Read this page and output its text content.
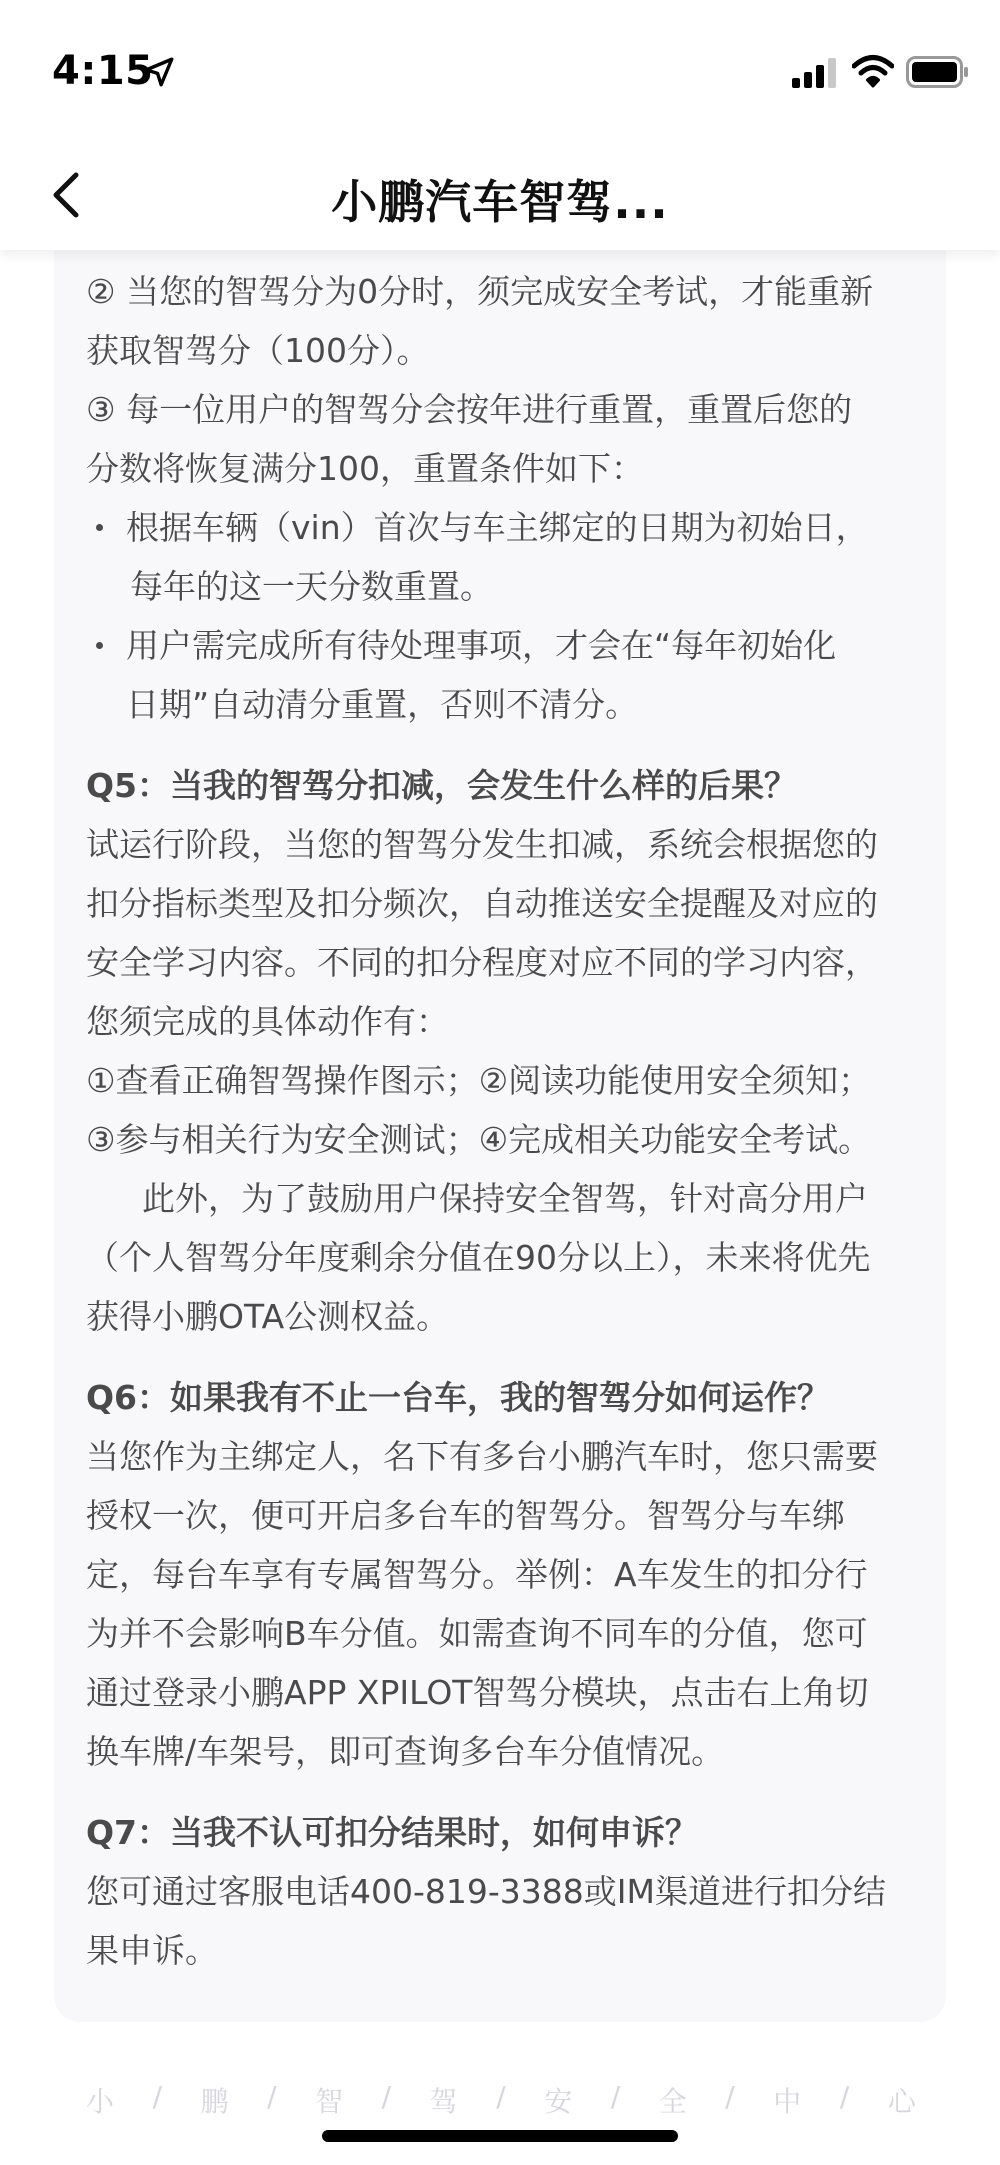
4:15
小鹏汽车智驾...
② 当您的智驾分为0分时，须完成安全考试，才能重新
获取智驾分（100分）。
③ 每一位用户的智驾分会按年进行重置，重置后您的
分数将恢复满分100，重置条件如下：
根据车辆（vin）首次与车主绑定的日期为初始日，
每年的这一天分数重置。
用户需完成所有待处理事项，才会在“每年初始化
日期”自动清分重置，否则不清分。
Q5：当我的智驾分扣减，会发生什么样的后果？
试运行阶段，当您的智驾分发生扣减，系统会根据您的
扣分指标类型及扣分频次，自动推送安全提醒及对应的
安全学习内容。不同的扣分程度对应不同的学习内容，
您须完成的具体动作有：
①查看正确智驾操作图示；②阅读功能使用安全须知；
③参与相关行为安全测试；④完成相关功能安全考试。
此外，为了鼓励用户保持安全智驾，针对高分用户
（个人智驾分年度剩余分值在90分以上），未来将优先
获得小鹏OTA公测权益。
Q6：如果我有不止一台车，我的智驾分如何运作？
当您作为主绑定人，名下有多台小鹏汽车时，您只需要
授权一次，便可开启多台车的智驾分。智驾分与车绑
定，每台车享有专属智驾分。举例：A车发生的扣分行
为并不会影响B车分值。如需查询不同车的分值，您可
通过登录小鹏APP XPILOT智驾分模块，点击右上角切
换车牌/车架号，即可查询多台车分值情况。
Q7：当我不认可扣分结果时，如何申诉？
您可通过客服电话400-819-3388或IM渠道进行扣分结
果申诉。
小 / 鹏 / 智 / 驾 / 安 / 全 / 中 / 心
